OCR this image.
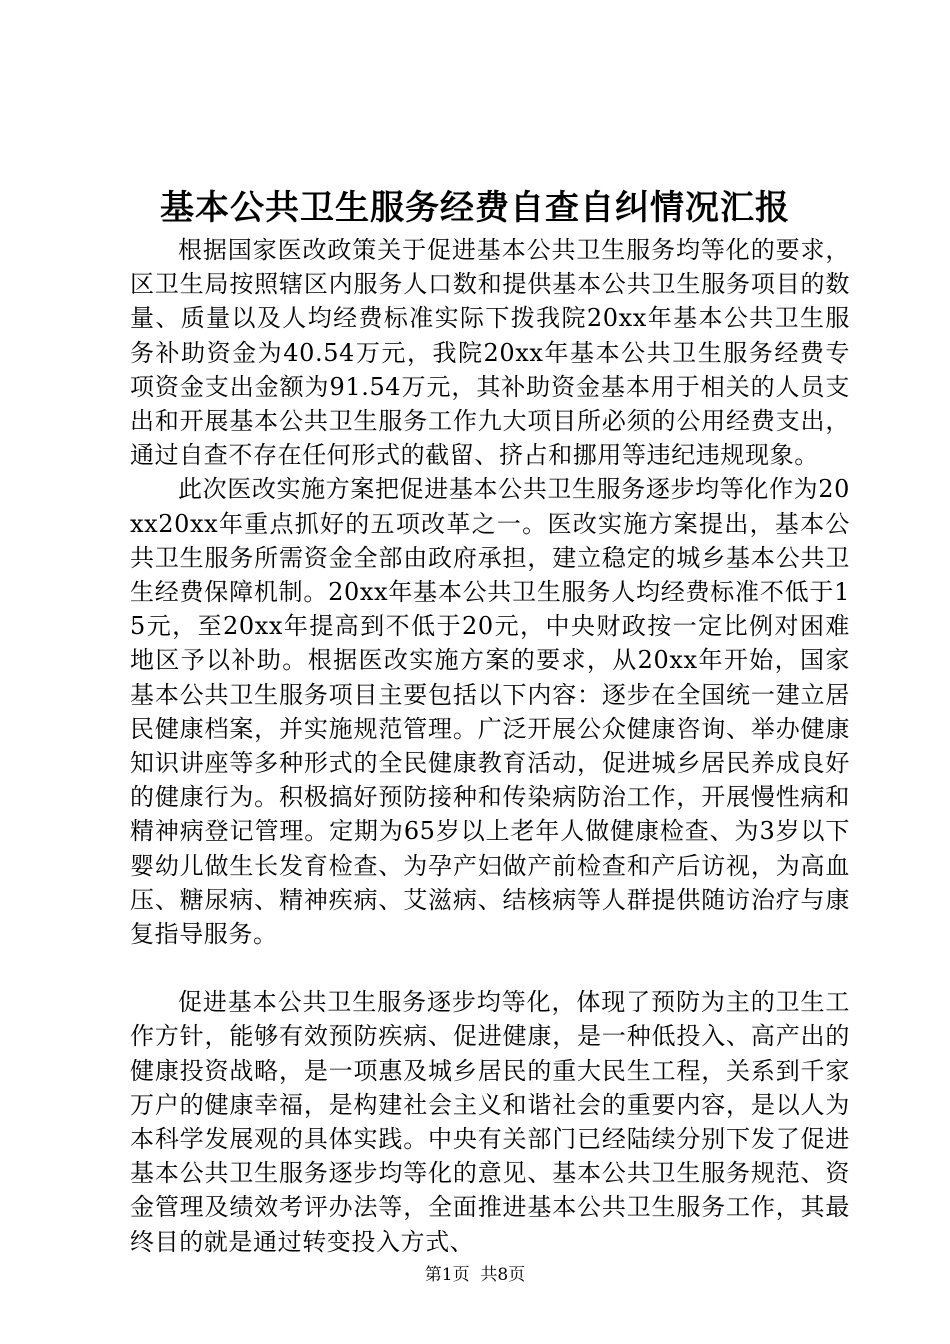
基本公共卫生服务经费自查自纠情况汇报

根据国家医改政策关于促进基本公共卫生服务均等化的要求，区卫生局按照辖区内服务人口数和提供基本公共卫生服务项目的数量、质量以及人均经费标准实际下拨我院20xx年基本公共卫生服务补助资金为40.54万元，我院20xx年基本公共卫生服务经费专项资金支出金额为91.54万元，其补助资金基本用于相关的人员支出和开展基本公共卫生服务工作九大项目所必须的公用经费支出，通过自查不存在任何形式的截留、挤占和挪用等违纪违规现象。

此次医改实施方案把促进基本公共卫生服务逐步均等化作为20xx20xx年重点抓好的五项改革之一。医改实施方案提出，基本公共卫生服务所需资金全部由政府承担，建立稳定的城乡基本公共卫生经费保障机制。20xx年基本公共卫生服务人均经费标准不低于15元，至20xx年提高到不低于20元，中央财政按一定比例对困难地区予以补助。根据医改实施方案的要求，从20xx年开始，国家基本公共卫生服务项目主要包括以下内容：逐步在全国统一建立居民健康档案，并实施规范管理。广泛开展公众健康咨询、举办健康知识讲座等多种形式的全民健康教育活动，促进城乡居民养成良好的健康行为。积极搞好预防接种和传染病防治工作，开展慢性病和精神病登记管理。定期为65岁以上老年人做健康检查、为3岁以下婴幼儿做生长发育检查、为孕产妇做产前检查和产后访视，为高血压、糖尿病、精神疾病、艾滋病、结核病等人群提供随访治疗与康复指导服务。

促进基本公共卫生服务逐步均等化，体现了预防为主的卫生工作方针，能够有效预防疾病、促进健康，是一种低投入、高产出的健康投资战略，是一项惠及城乡居民的重大民生工程，关系到千家万户的健康幸福，是构建社会主义和谐社会的重要内容，是以人为本科学发展观的具体实践。中央有关部门已经陆续分别下发了促进基本公共卫生服务逐步均等化的意见、基本公共卫生服务规范、资金管理及绩效考评办法等，全面推进基本公共卫生服务工作，其最终目的就是通过转变投入方式、

第1页  共8页
